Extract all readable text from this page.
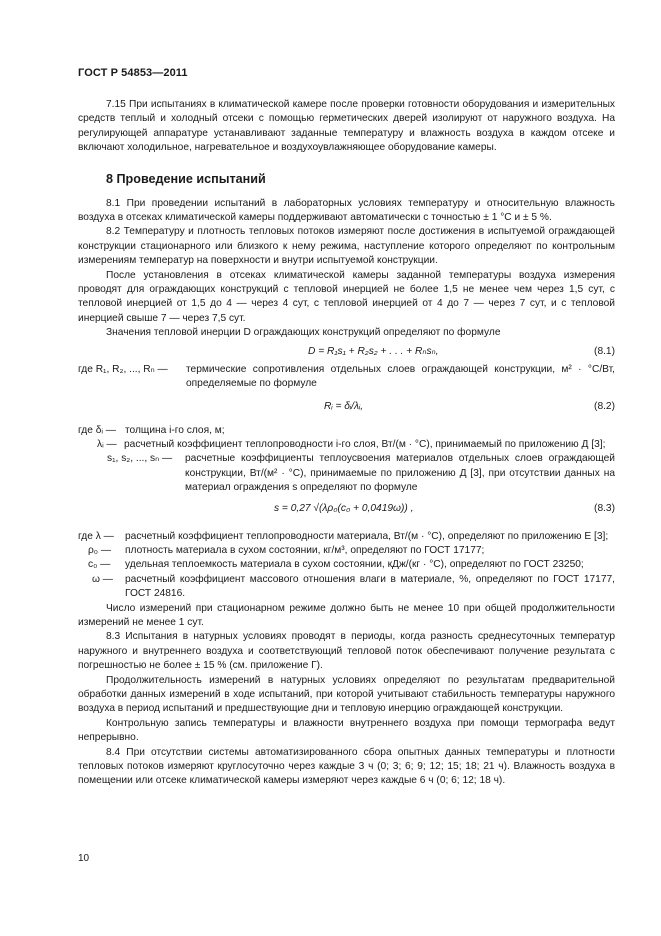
ГОСТ Р 54853—2011

7.15 При испытаниях в климатической камере после проверки готовности оборудования и измерительных средств теплый и холодный отсеки с помощью герметических дверей изолируют от наружного воздуха. На регулирующей аппаратуре устанавливают заданные температуру и влажность воздуха в каждом отсеке и включают холодильное, нагревательное и воздухоувлажняющее оборудование камеры.

8 Проведение испытаний

8.1 При проведении испытаний в лабораторных условиях температуру и относительную влажность воздуха в отсеках климатической камеры поддерживают автоматически с точностью ± 1 °С и ± 5 %.

8.2 Температуру и плотность тепловых потоков измеряют после достижения в испытуемой ограждающей конструкции стационарного или близкого к нему режима, наступление которого определяют по контрольным измерениям температур на поверхности и внутри испытуемой конструкции.

После установления в отсеках климатической камеры заданной температуры воздуха измерения проводят для ограждающих конструкций с тепловой инерцией не более 1,5 не менее чем через 1,5 сут, с тепловой инерцией от 1,5 до 4 — через 4 сут, с тепловой инерцией от 4 до 7 — через 7 сут, и с тепловой инерцией свыше 7 — через 7,5 сут.

Значения тепловой инерции D ограждающих конструкций определяют по формуле

D = R₁s₁ + R₂s₂ + . . . + Rₙsₙ,	(8.1)
где R₁, R₂, ..., Rₙ — термические сопротивления отдельных слоев ограждающей конструкции, м² · °С/Вт, определяемые по формуле
Rᵢ = δᵢ/λᵢ,	(8.2)
где δᵢ — толщина i-го слоя, м;
λᵢ — расчетный коэффициент теплопроводности i-го слоя, Вт/(м · °С), принимаемый по приложению Д [3];
s₁, s₂, ..., sₙ — расчетные коэффициенты теплоусвоения материалов отдельных слоев ограждающей конструкции, Вт/(м² · °С), принимаемые по приложению Д [3], при отсутствии данных на материал ограждения s определяют по формуле
s = 0,27 √(λρ₀(c₀ + 0,0419ω)) ,	(8.3)
где λ — расчетный коэффициент теплопроводности материала, Вт/(м · °С), определяют по приложению Е [3];
ρ₀ — плотность материала в сухом состоянии, кг/м³, определяют по ГОСТ 17177;
c₀ — удельная теплоемкость материала в сухом состоянии, кДж/(кг · °С), определяют по ГОСТ 23250;
ω — расчетный коэффициент массового отношения влаги в материале, %, определяют по ГОСТ 17177, ГОСТ 24816.

Число измерений при стационарном режиме должно быть не менее 10 при общей продолжительности измерений не менее 1 сут.

8.3 Испытания в натурных условиях проводят в периоды, когда разность среднесуточных температур наружного и внутреннего воздуха и соответствующий тепловой поток обеспечивают получение результата с погрешностью не более ± 15 % (см. приложение Г).

Продолжительность измерений в натурных условиях определяют по результатам предварительной обработки данных измерений в ходе испытаний, при которой учитывают стабильность температуры наружного воздуха в период испытаний и предшествующие дни и тепловую инерцию ограждающей конструкции.

Контрольную запись температуры и влажности внутреннего воздуха при помощи термографа ведут непрерывно.

8.4 При отсутствии системы автоматизированного сбора опытных данных температуры и плотности тепловых потоков измеряют круглосуточно через каждые 3 ч (0; 3; 6; 9; 12; 15; 18; 21 ч). Влажность воздуха в помещении или отсеке климатической камеры измеряют через каждые 6 ч (0; 6; 12; 18 ч).

10
